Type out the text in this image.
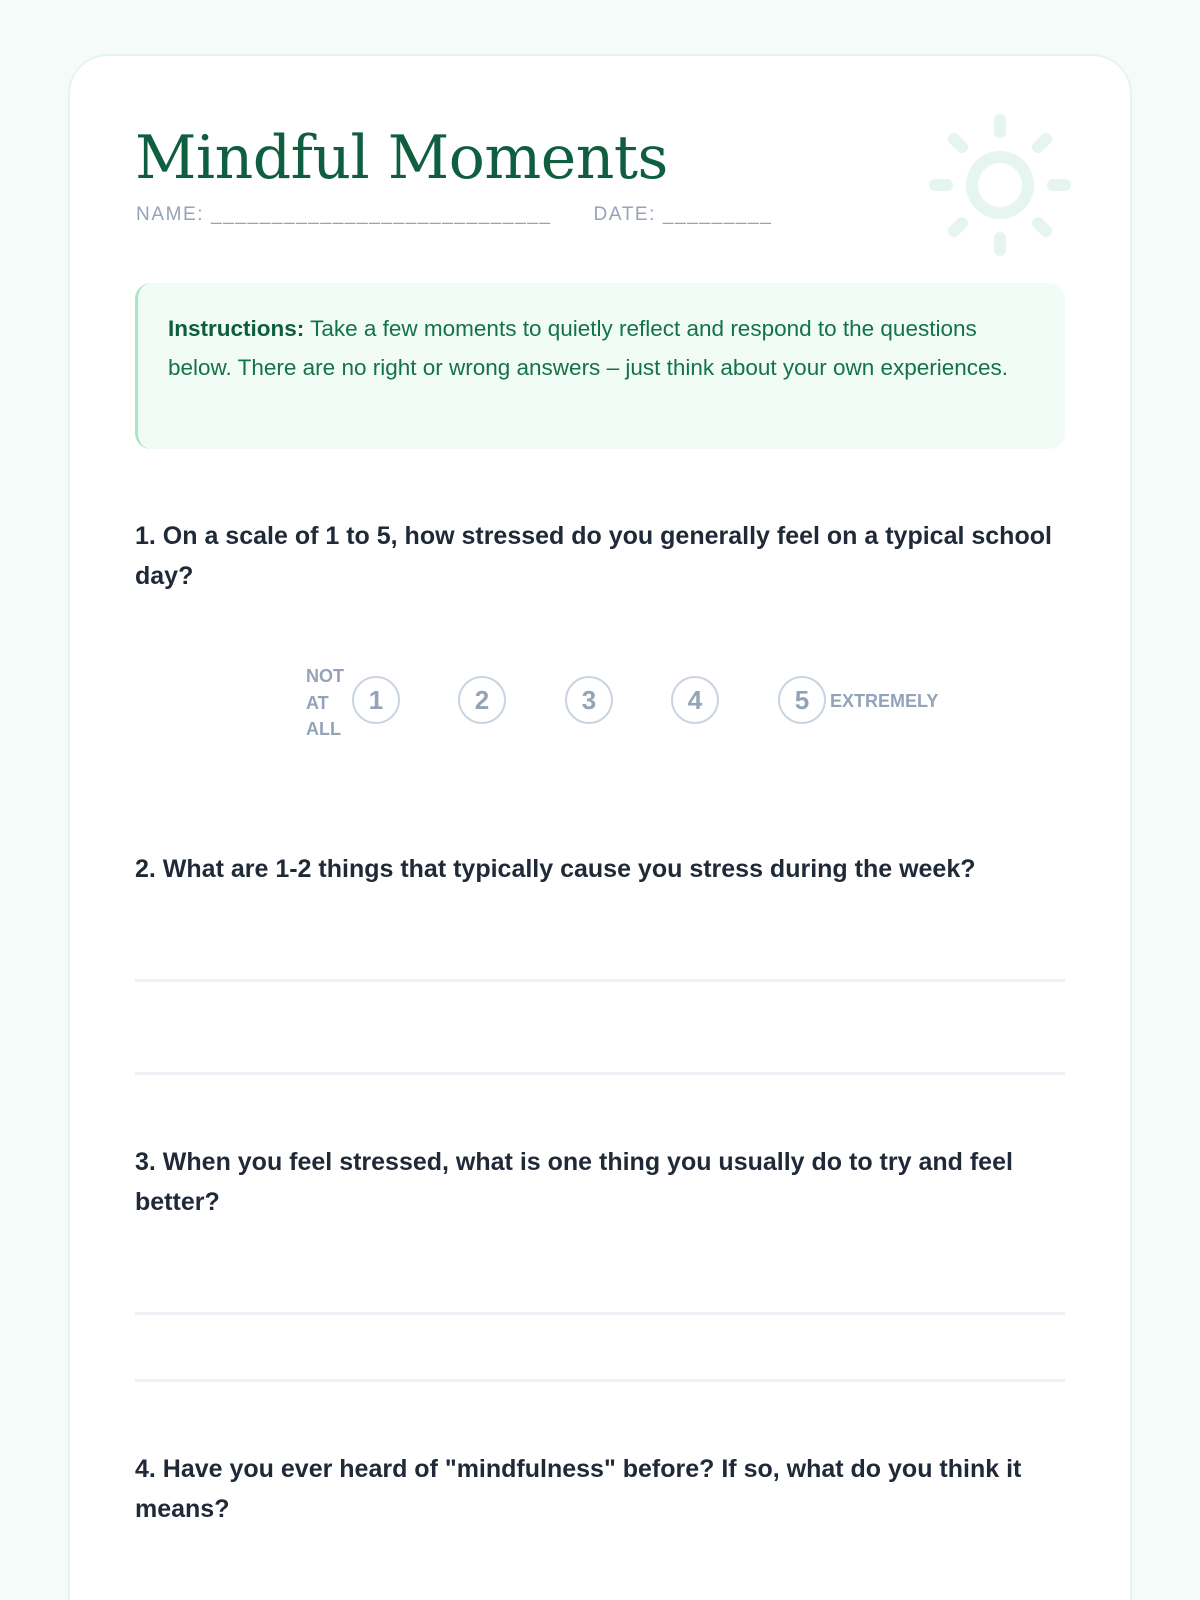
Mindful Moments
NAME: ____________________________ DATE: _________
Instructions: Take a few moments to quietly reflect and respond to the questions below. There are no right or wrong answers – just think about your own experiences.

1. On a scale of 1 to 5, how stressed do you generally feel on a typical school day?

NOT AT ALL
1	2	3	4	5	EXTREMELY

2. What are 1-2 things that typically cause you stress during the week?

3. When you feel stressed, what is one thing you usually do to try and feel better?

4. Have you ever heard of "mindfulness" before? If so, what do you think it means?
